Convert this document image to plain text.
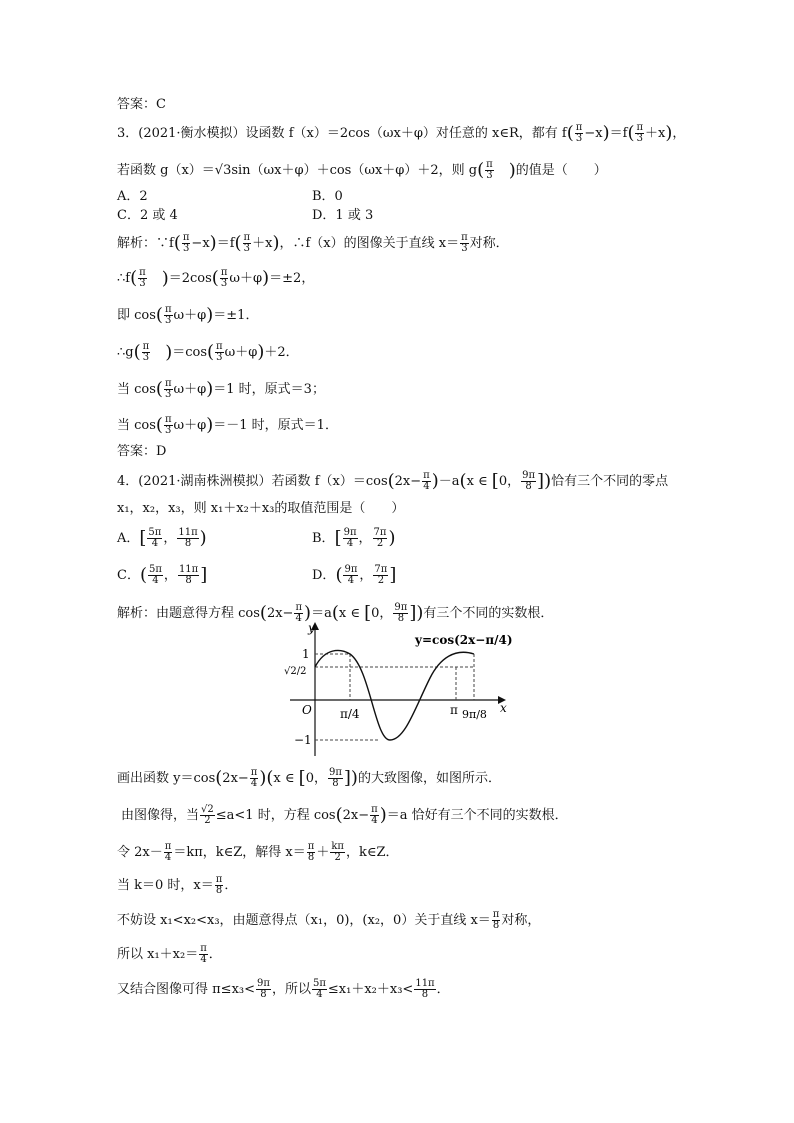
答案：C
3．(2021·衡水模拟）设函数 f（x）＝2cos（ωx＋φ）对任意的 x∈R，都有 $f( \frac{\pi}{3} -x)=f( \frac{\pi}{3} +x)$，
若函数 g（x）＝√3sin（ωx＋φ）＋cos（ωx＋φ）＋2，则 $g( \frac{\pi}{3}$ )的值是（　　）
A．2	B．0
C．2 或 4	D．1 或 3
解析：∵f( $\frac{\pi}{3} -x)=f( \frac{\pi}{3} +x)$，∴f（x）的图像关于直线 $x= \frac{\pi}{3}$ 对称．
∴f( $\frac{\pi}{3} )=2\cos( \frac{\pi}{3} \omega+\varphi)=\pm 2$，
即 $\cos( \frac{\pi}{3} \omega+\varphi)=\pm 1$．
∴g( $\frac{\pi}{3} )=\cos( \frac{\pi}{3} \omega+\varphi)+2$．
当 $\cos( \frac{\pi}{3} \omega+\varphi)=1$ 时，原式＝3；
当 $\cos( \frac{\pi}{3} \omega+\varphi)=-1$ 时，原式＝1．
答案：D
4．(2021·湖南株洲模拟）若函数 $f(x)=\cos(2x- \frac{\pi}{4} )-a(x$ ∈ [0， $\frac{9\pi}{8}$ ])恰有三个不同的零点
x₁，x₂，x₃，则 x₁＋x₂＋x₃的取值范围是（　　）
A．[ $\frac{5\pi}{4}$ ， $\frac{11\pi}{8}$ )	B．[ $\frac{9\pi}{4}$ ， $\frac{7\pi}{2}$ )
C．( $\frac{5\pi}{4}$ ， $\frac{11\pi}{8}$ ]	D．( $\frac{9\pi}{4}$ ， $\frac{7\pi}{2}$ ]
解析：由题意得方程 $\cos(2x- \frac{\pi}{4} )=a(x$ ∈ [0， $\frac{9\pi}{8}$ ])有三个不同的实数根．
y
x
O
1
√2/2
−1
π/4	π 9π/8
y=cos(2x−π/4)
画出函数 $y=\cos(2x- \frac{\pi}{4} )(x$ ∈ [0， $\frac{9\pi}{8}$ ])的大致图像，如图所示．
由图像得，当 $\frac{√2}{2} \le a<1$ 时，方程 $\cos(2x- \frac{\pi}{4} )=a$ 恰好有三个不同的实数根．
令 $2x- \frac{\pi}{4} =k\pi$，k∈Z，解得 $x= \frac{\pi}{8} + \frac{k\pi}{2}$ ，k∈Z．
当 k＝0 时，$x= \frac{\pi}{8}$ ．
不妨设 x₁<x₂<x₃，由题意得点（x₁，0)，(x₂，0）关于直线 $x= \frac{\pi}{8}$ 对称，
所以 $x_1+x_2= \frac{\pi}{4}$ ．
又结合图像可得 $\pi\le x_3< \frac{9\pi}{8}$ ，所以 $\frac{5\pi}{4} \le x_1+x_2+x_3< \frac{11\pi}{8}$ ．
